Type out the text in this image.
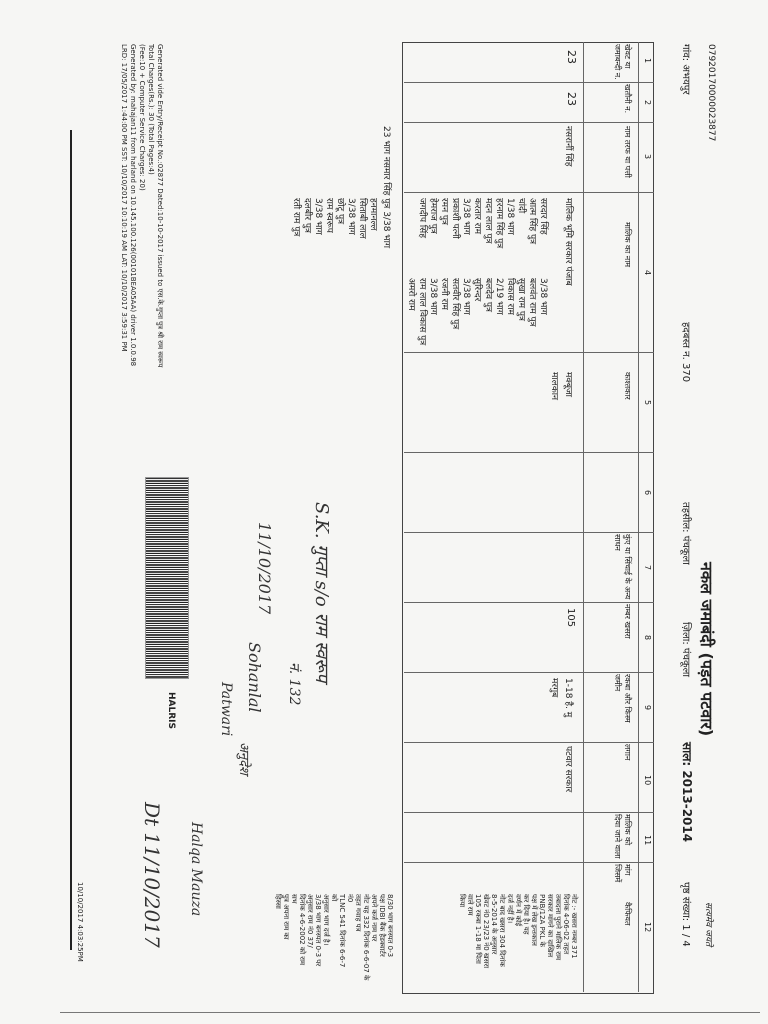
07920170000023877
नकल जमाबंदी (पड़त पटवार)
सत्यमेव जयते
गांव: अभयपुर
हदबस्त न. 370
तहसील: पंचकूला
ज़िला: पंचकूला
साल: 2013-2014
पृष्ठ संख्या: 1 / 4
1
2
3
4
5
6
7
8
9
10
11
12
खेवट या जमाबन्दी न.
खतौनी न.
नाम तरफ या पत्ती
मालिक का नाम
काश्तकार
कुंए या सिंचाई के अन्य साधन
नम्बर खसरा
रकबा और किस्म जमीन
लगान
मालिक को दिया जाने वाला
मांग जिसमें
कैफियत
23
23
नसरानीं सिंह
मालिक भूमि सरकार पंजाब
मक्बूजा
मालकान
105
1-18 है. मु
मरगुब
पटवार सरकार
सरदार सिंह
आत्म सिंह पुत्र
चांदी
1/38 भाग
हरनाम सिंह पुत्र
मदन लाल पुत्र
करतार राम
3/38 भाग
प्रकाशी पत्नी
रमन पुत्र
हेमराज पुत्र
जगदीप सिंह
3/38 भाग
बलवंत राम पुत्र
सुखा राम पुत्र
विकास राम
2/19 भाग
बलदेव पुत्र
सुरिन्दर
3/38 भाग
सतवीर सिंह पुत्र
रजनी राम
3/38 भाग
राम लाल विकास पुत्र
अमरो राम
नोट :- खसरा नम्बर 371
दिनांक 4-06-02 तहत
तबादला पुराने मालिक राम
सरकार मांगने का दाखिल
PNB/12A PKL के
पक्ष में लेख इन्तकाल
कर दिया है। यह
वर्णन में कोई
दर्ज नहीं है।
नोट बाद खसरा 304 दिनांक
8-5-2014 के अनुसार
खेवट नं0 23/23 नं0 खसरा
105 रकबा 1-18 मा पिता
वाले राम
किया
8/30 भाग बनस्पत 0-3
पक्ष IDBI बैंक हैडक्वार्टर
अपने कर्ज नाम पर
नोट यह 332 दिनांक 6-6-07 के
तहत गवाह पत्र
नं0
TLNC 541 दिनांक 6-6-7
को
अनुसार भाग दर्ज है।
3/38 भाग बनस्पत 0-3 पर
अनुसार राम नं0 37/
दिनांक 4-6-2002 को राम
सभ
पुत्र अपना राम का
हिस्सा
23 भाग नसमार सिंह पुत्र 3/38 भाग
हनमानल्ल
सिताबी लाल
3/38 भाग
छोटू पुत्र
राम स्वरूप
3/38 भाग
दलबीर पुत्र
रती राम पुत्र
Generated vide Entry/Receipt No.:02877 Dated:10-10-2017 issued to एस.के.गुप्ता पुत्र श्री राम स्वरूप
Total Charges(Rs.): 30 (Total Pages:4)
(Fee:10 + Computer Service Charges: 20)
Generated by: mahajan11 from harland on 10.145.100.126(00101BEA05AA) driver 1.0.0.98
LRD: 17/05/2017 1:44:00 PM SST: 10/10/2017 10:10:19 AM LAT: 10/10/2017 3:59:31 PM
HALRIS
S.K. गुप्ता s/o राम स्वरूप
नं. 132
11/10/2017
Sohanlal
Patwari
अनुदेश
Dt 11/10/2017 Halqa Mauza
10/10/2017 4:03:25PM
